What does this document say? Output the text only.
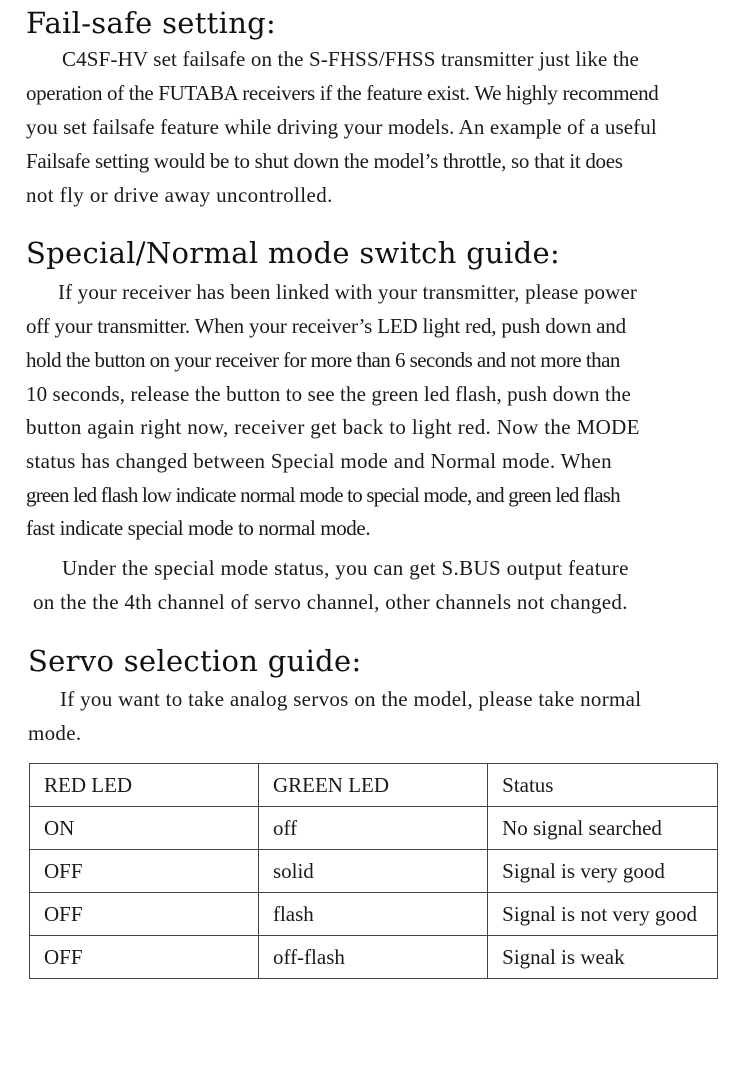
Fail-safe setting:
C4SF-HV set failsafe on the S-FHSS/FHSS transmitter just like the
operation of the FUTABA receivers if the feature exist. We highly recommend
you set failsafe feature while driving your models. An example of a useful
Failsafe setting would be to shut down the model’s throttle, so that it does
not fly or drive away uncontrolled.
Special/Normal mode switch guide:
If your receiver has been linked with your transmitter, please power
off your transmitter. When your receiver’s LED light red, push down and
hold the button on your receiver for more than 6 seconds and not more than
10 seconds, release the button to see the green led flash, push down the
button again right now, receiver get back to light red. Now the MODE
status has changed between Special mode and Normal mode. When
green led flash low indicate normal mode to special mode, and green led flash
fast indicate special mode to normal mode.
Under the special mode status, you can get S.BUS output feature
on the the 4th channel of servo channel, other channels not changed.
Servo selection guide:
If you want to take analog servos on the model, please take normal
mode.
RED LED	GREEN LED	Status
ON	off	No signal searched
OFF	solid	Signal is very good
OFF	flash	Signal is not very good
OFF	off-flash	Signal is weak
